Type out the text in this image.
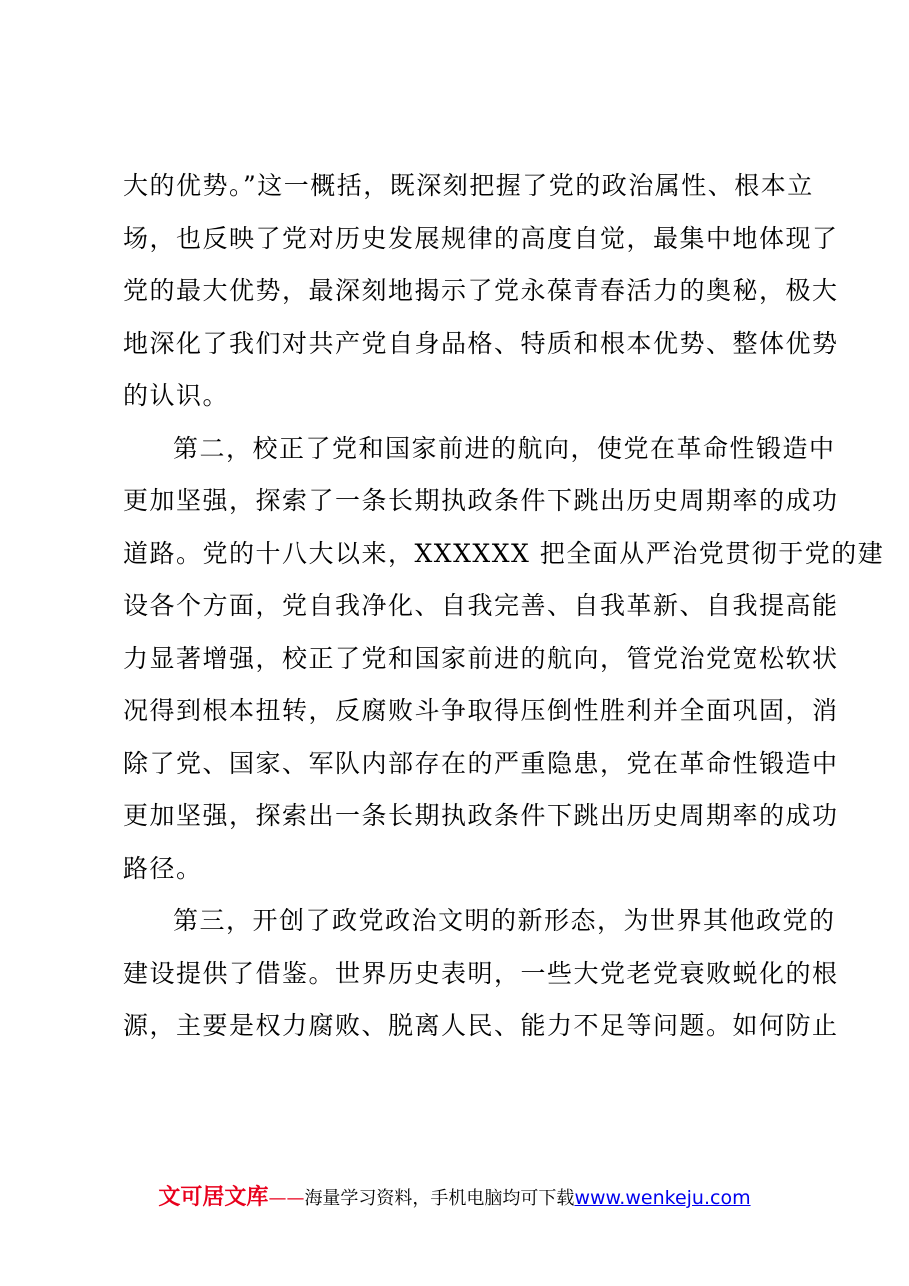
大的优势。”这一概括，既深刻把握了党的政治属性、根本立
场，也反映了党对历史发展规律的高度自觉，最集中地体现了
党的最大优势，最深刻地揭示了党永葆青春活力的奥秘，极大
地深化了我们对共产党自身品格、特质和根本优势、整体优势
的认识。
第二，校正了党和国家前进的航向，使党在革命性锻造中
更加坚强，探索了一条长期执政条件下跳出历史周期率的成功
道路。党的十八大以来，XXXXXX 把全面从严治党贯彻于党的建
设各个方面，党自我净化、自我完善、自我革新、自我提高能
力显著增强，校正了党和国家前进的航向，管党治党宽松软状
况得到根本扭转，反腐败斗争取得压倒性胜利并全面巩固，消
除了党、国家、军队内部存在的严重隐患，党在革命性锻造中
更加坚强，探索出一条长期执政条件下跳出历史周期率的成功
路径。
第三，开创了政党政治文明的新形态，为世界其他政党的
建设提供了借鉴。世界历史表明，一些大党老党衰败蜕化的根
源，主要是权力腐败、脱离人民、能力不足等问题。如何防止
文可居文库——海量学习资料，手机电脑均可下载www.wenkeju.com
